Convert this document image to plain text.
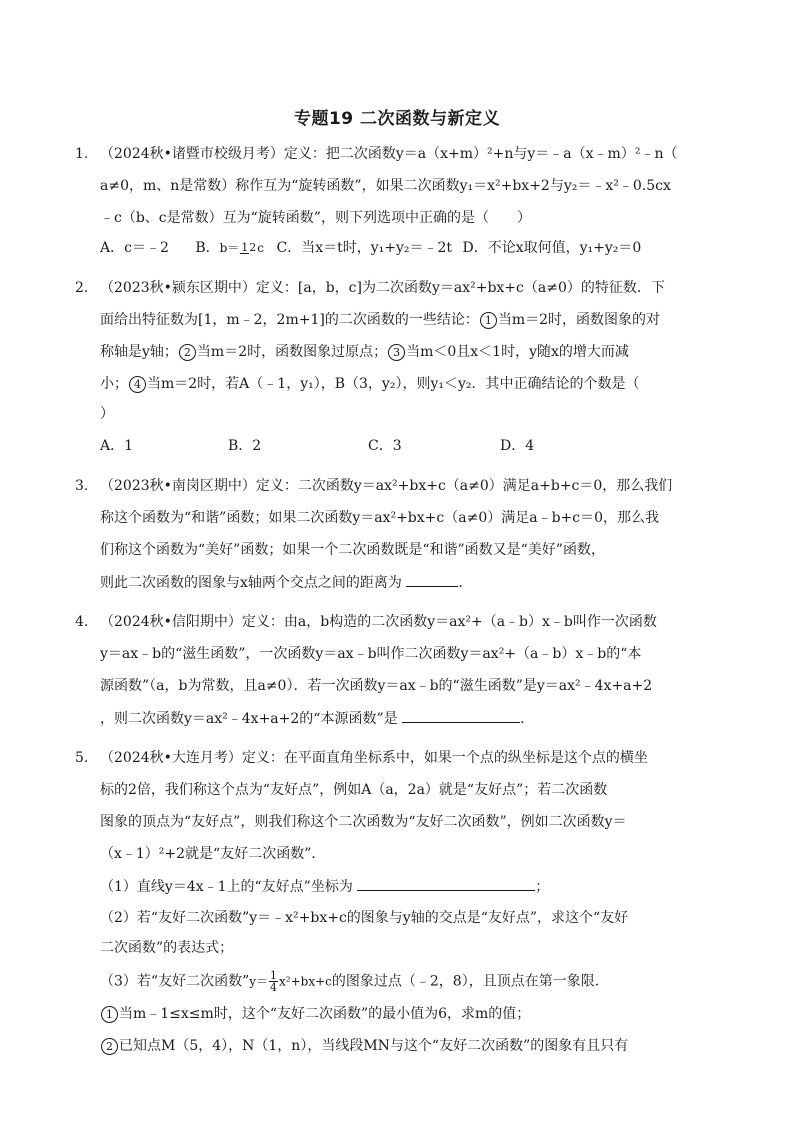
专题19 二次函数与新定义
1. （2024秋•诸暨市校级月考）定义：把二次函数y＝a（x+m）²+n与y＝﹣a（x﹣m）²﹣n（
a≠0，m、n是常数）称作互为“旋转函数”，如果二次函数y₁＝x²+bx+2与y₂＝﹣x²﹣0.5cx
﹣c（b、c是常数）互为“旋转函数”，则下列选项中正确的是（　　）
A．c＝﹣2 B．b＝ 12c C．当x＝t时，y₁+y₂＝﹣2t D．不论x取何值，y₁+y₂＝0
2. （2023秋•颍东区期中）定义：[a，b，c]为二次函数y＝ax²+bx+c（a≠0）的特征数．下
面给出特征数为[1，m﹣2，2m+1]的二次函数的一些结论： 1 当m＝2时，函数图象的对
称轴是y轴； 2 当m＝2时，函数图象过原点； 3 当m＜0且x＜1时，y随x的增大而减
小； 4 当m＝2时，若A（﹣1，y₁），B（3，y₂），则y₁＜y₂．其中正确结论的个数是（
）
A．1	B．2	C．3	D．4
3. （2023秋•南岗区期中）定义：二次函数y＝ax²+bx+c（a≠0）满足a+b+c＝0，那么我们
称这个函数为“和谐”函数；如果二次函数y＝ax²+bx+c（a≠0）满足a﹣b+c＝0，那么我
们称这个函数为“美好”函数；如果一个二次函数既是“和谐”函数又是“美好”函数，
则此二次函数的图象与x轴两个交点之间的距离为	．
4. （2024秋•信阳期中）定义：由a，b构造的二次函数y＝ax²+（a﹣b）x﹣b叫作一次函数
y＝ax﹣b的“滋生函数”，一次函数y＝ax﹣b叫作二次函数y＝ax²+（a﹣b）x﹣b的“本
源函数”（a，b为常数，且a≠0）．若一次函数y＝ax﹣b的“滋生函数”是y＝ax²﹣4x+a+2
，则二次函数y＝ax²﹣4x+a+2的“本源函数”是	．
5. （2024秋•大连月考）定义：在平面直角坐标系中，如果一个点的纵坐标是这个点的横坐
标的2倍，我们称这个点为“友好点”，例如A（a，2a）就是“友好点”；若二次函数
图象的顶点为“友好点”，则我们称这个二次函数为“友好二次函数”，例如二次函数y＝
（x﹣1）²+2就是“友好二次函数”．
（1）直线y＝4x﹣1上的“友好点”坐标为	；
（2）若“友好二次函数”y＝﹣x²+bx+c的图象与y轴的交点是“友好点”，求这个“友好
二次函数”的表达式；
（3）若“友好二次函数”y＝ $\frac{1}{4} x^2+bx+c$的图象过点（﹣2，8），且顶点在第一象限．
1 当m﹣1≤x≤m时，这个“友好二次函数”的最小值为6，求m的值；
2 已知点M（5，4），N（1，n），当线段MN与这个“友好二次函数”的图象有且只有
